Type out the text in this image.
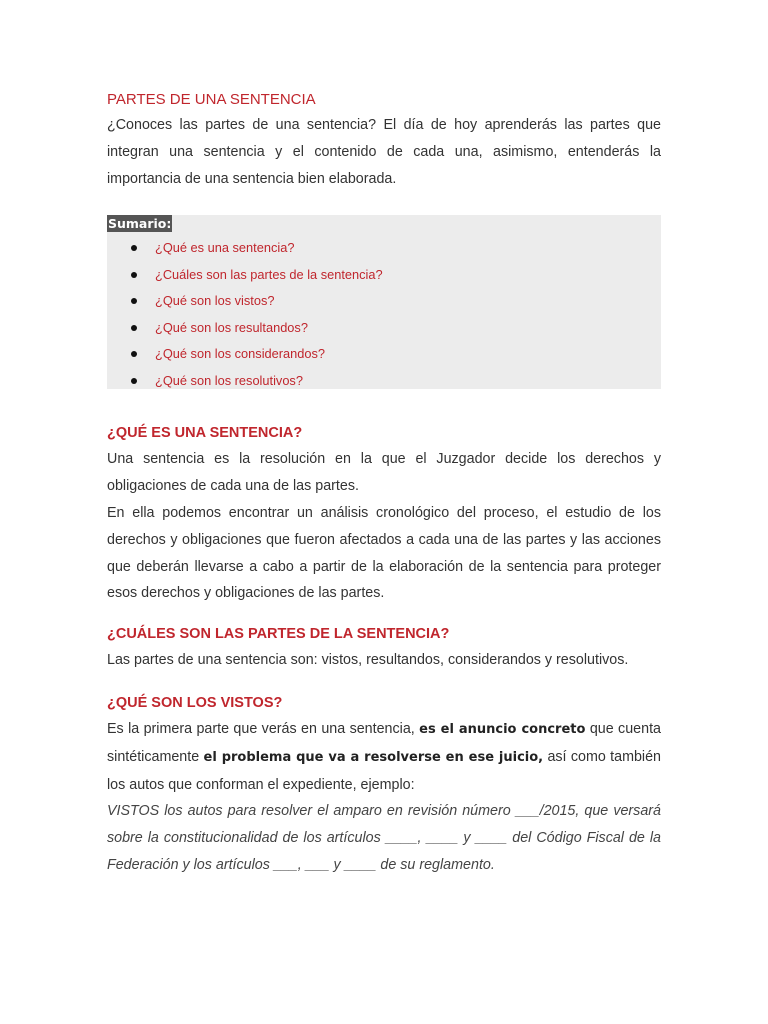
PARTES DE UNA SENTENCIA

¿Conoces las partes de una sentencia? El día de hoy aprenderás las partes que integran una sentencia y el contenido de cada una, asimismo, entenderás la importancia de una sentencia bien elaborada.

Sumario:
¿Qué es una sentencia?
¿Cuáles son las partes de la sentencia?
¿Qué son los vistos?
¿Qué son los resultandos?
¿Qué son los considerandos?
¿Qué son los resolutivos?
¿QUÉ ES UNA SENTENCIA?

Una sentencia es la resolución en la que el Juzgador decide los derechos y obligaciones de cada una de las partes.

En ella podemos encontrar un análisis cronológico del proceso, el estudio de los derechos y obligaciones que fueron afectados a cada una de las partes y las acciones que deberán llevarse a cabo a partir de la elaboración de la sentencia para proteger esos derechos y obligaciones de las partes.

¿CUÁLES SON LAS PARTES DE LA SENTENCIA?

Las partes de una sentencia son: vistos, resultandos, considerandos y resolutivos.

¿QUÉ SON LOS VISTOS?

Es la primera parte que verás en una sentencia, es el anuncio concreto que cuenta sintéticamente el problema que va a resolverse en ese juicio, así como también los autos que conforman el expediente, ejemplo:

VISTOS los autos para resolver el amparo en revisión número ___/2015, que versará sobre la constitucionalidad de los artículos ____, ____ y ____ del Código Fiscal de la Federación y los artículos ___, ___ y ____ de su reglamento.
